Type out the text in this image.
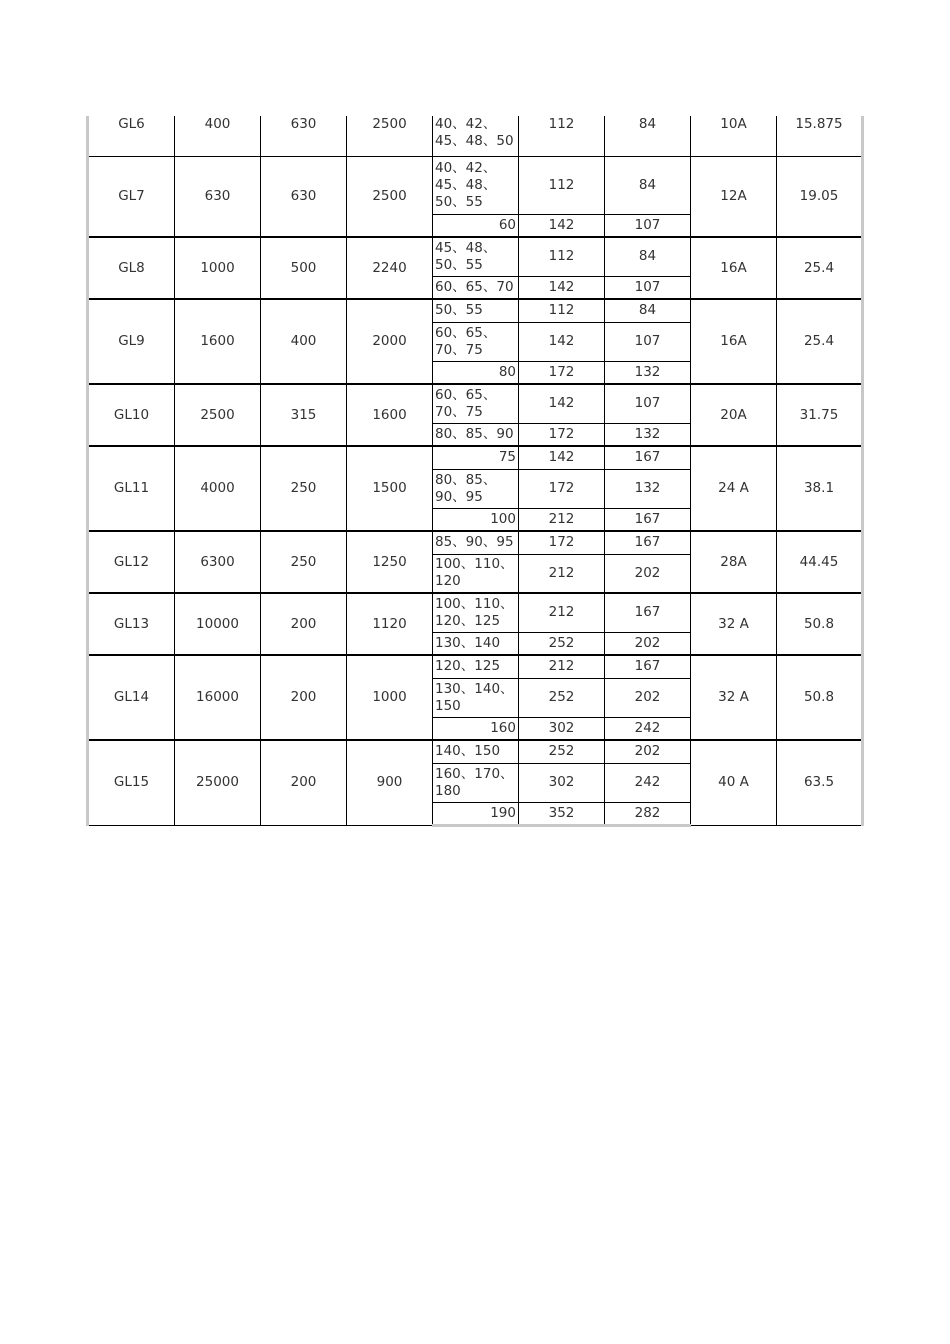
GL6	400	630	2500	40、42、45、48、50	112	84	10A	15.875
GL7	630	630	2500	40、42、45、48、50、55	112	84	12A	19.05
				60	142	107		
GL8	1000	500	2240	45、48、50、55	112	84	16A	25.4
				60、65、70	142	107		
GL9	1600	400	2000	50、55	112	84	16A	25.4
				60、65、70、75	142	107		
				80	172	132		
GL10	2500	315	1600	60、65、70、75	142	107	20A	31.75
				80、85、90	172	132		
GL11	4000	250	1500	75	142	167	24 A	38.1
				80、85、90、95	172	132		
				100	212	167		
GL12	6300	250	1250	85、90、95	172	167	28A	44.45
				100、110、120	212	202		
GL13	10000	200	1120	100、110、120、125	212	167	32 A	50.8
				130、140	252	202		
GL14	16000	200	1000	120、125	212	167	32 A	50.8
				130、140、150	252	202		
				160	302	242		
GL15	25000	200	900	140、150	252	202	40 A	63.5
				160、170、180	302	242		
				190	352	282		
